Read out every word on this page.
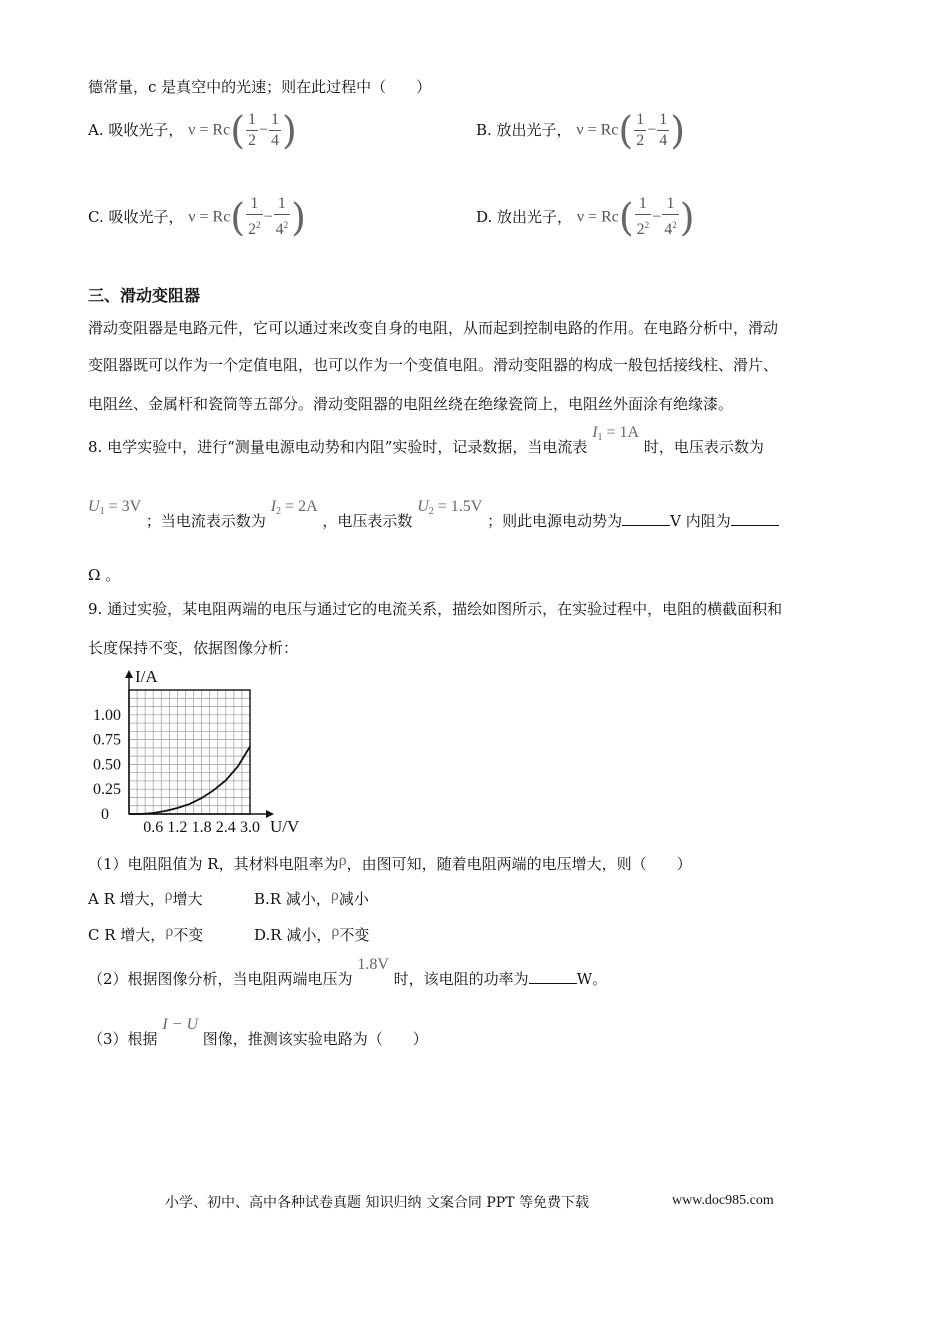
德常量，c 是真空中的光速；则在此过程中（　　）
A. 吸收光子， $\nu = Rc( \frac{1}{2} - \frac{1}{4}$ )	B. 放出光子， $\nu = Rc( \frac{1}{2} - \frac{1}{4}$ )
C. 吸收光子， $\nu = Rc( \frac{1}{2^2} - \frac{1}{4^2}$ )	D. 放出光子， $\nu = Rc( \frac{1}{2^2} - \frac{1}{4^2}$ )
三、滑动变阻器
滑动变阻器是电路元件，它可以通过来改变自身的电阻，从而起到控制电路的作用。在电路分析中，滑动
变阻器既可以作为一个定值电阻，也可以作为一个变值电阻。滑动变阻器的构成一般包括接线柱、滑片、
电阻丝、金属杆和瓷筒等五部分。滑动变阻器的电阻丝绕在绝缘瓷筒上，电阻丝外面涂有绝缘漆。
8. 电学实验中，进行“测量电源电动势和内阻”实验时，记录数据，当电流表 $I_1 = 1A$ 时，电压表示数为
$U_1 = 3V$ ；当电流表示数为 $I_2 = 2A$ ，电压表示数 $U_2 = 1.5V$ ；则此电源电动势为	V 内阻为
Ω 。
9. 通过实验，某电阻两端的电压与通过它的电流关系，描绘如图所示，在实验过程中，电阻的横截面积和
长度保持不变，依据图像分析：
I/A
0.25
0.50
0.75
1.00
0
0.6 1.2 1.8 2.4 3.0 U/V
（1）电阻阻值为 R，其材料电阻率为ρ，由图可知，随着电阻两端的电压增大，则（　　）
A R 增大，ρ增大	B.R 减小，ρ减小
C R 增大，ρ不变	D.R 减小，ρ不变
（2）根据图像分析，当电阻两端电压为 1.8V 时，该电阻的功率为	W。
（3）根据 I − U 图像，推测该实验电路为（　　）
小学、初中、高中各种试卷真题 知识归纳 文案合同 PPT 等免费下载	www.doc985.com
